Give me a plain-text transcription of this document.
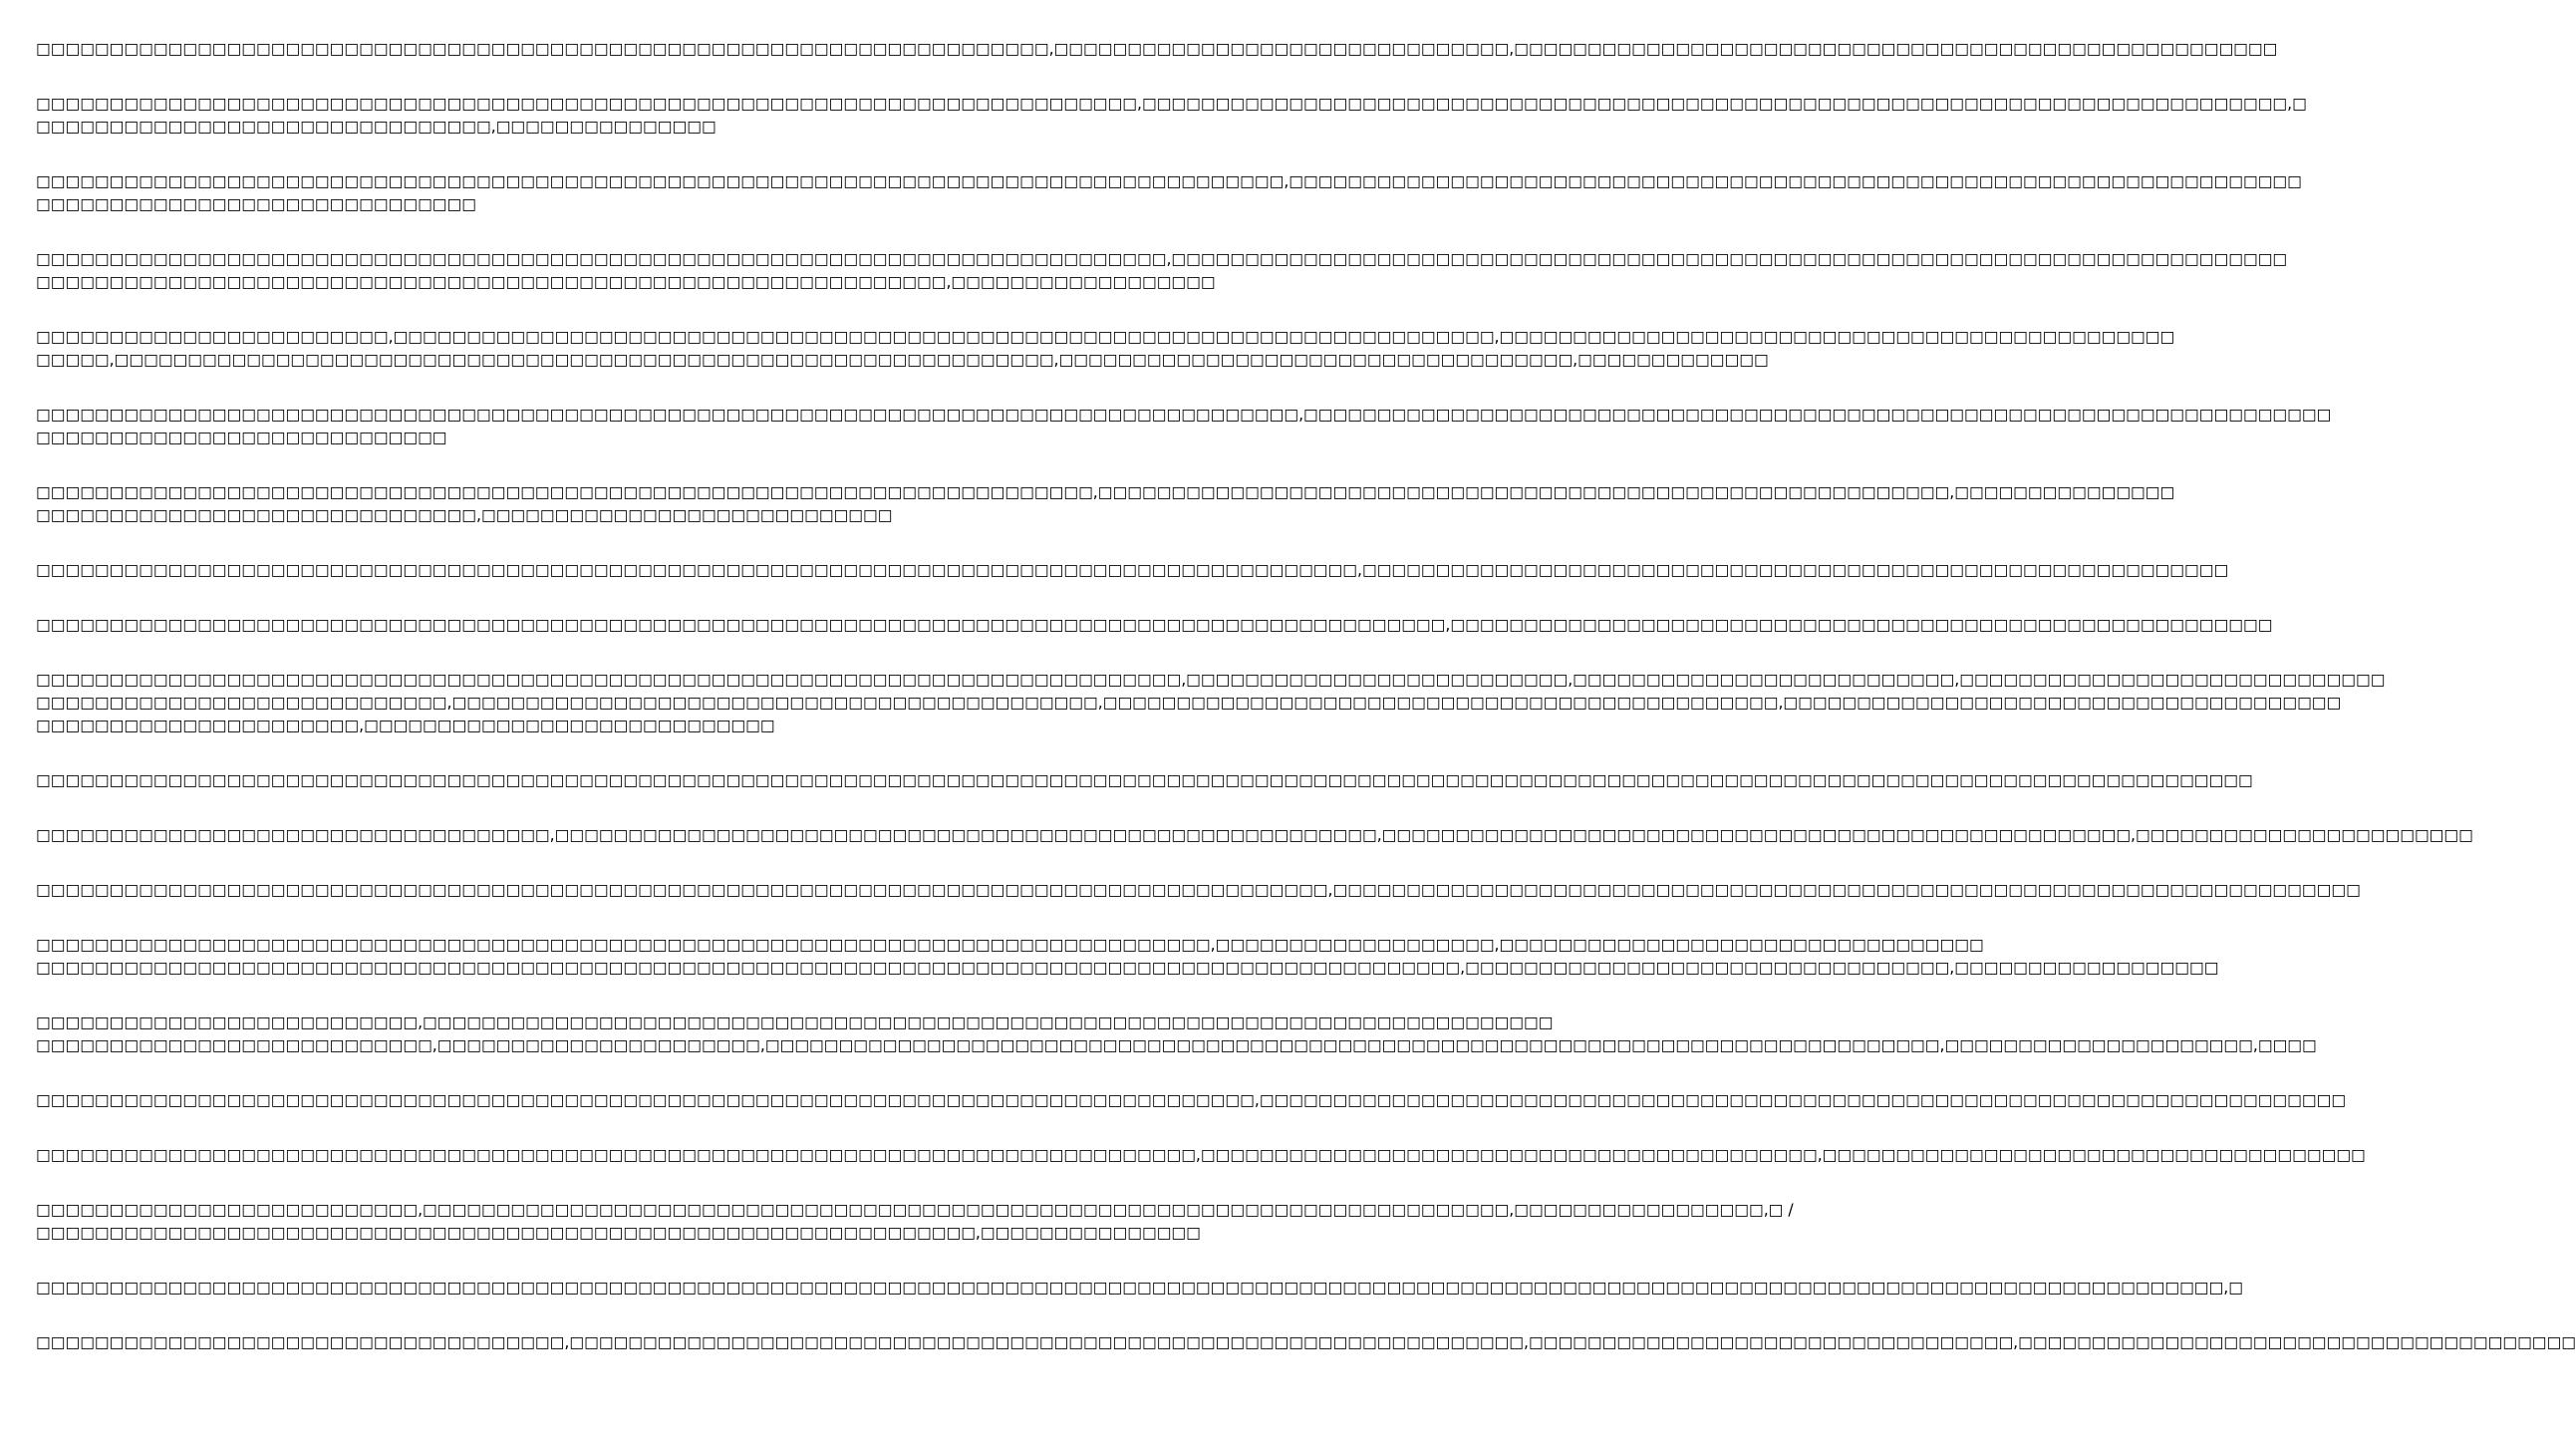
□□□□□□□□□□□□□□□□□□□□□□□□□□□□□□□□□□□□□□□□□□□□□□□□□□□□□□□□□□□□□□□□□□□□□,□□□□□□□□□□□□□□□□□□□□□□□□□□□□□□□,□□□□□□□□□□□□□□□□□□□□□□□□□□□□□□□□□□□□□□□□□□□□□□□□□□□□
□□□□□□□□□□□□□□□□□□□□□□□□□□□□□□□□□□□□□□□□□□□□□□□□□□□□□□□□□□□□□□□□□□□□□□□□□□□,□□□□□□□□□□□□□□□□□□□□□□□□□□□□□□□□□□□□□□□□□□□□□□□□□□□□□□□□□□□□□□□□□□□□□□□□□□□□□□,□
□□□□□□□□□□□□□□□□□□□□□□□□□□□□□□□,□□□□□□□□□□□□□□□
□□□□□□□□□□□□□□□□□□□□□□□□□□□□□□□□□□□□□□□□□□□□□□□□□□□□□□□□□□□□□□□□□□□□□□□□□□□□□□□□□□□□□,□□□□□□□□□□□□□□□□□□□□□□□□□□□□□□□□□□□□□□□□□□□□□□□□□□□□□□□□□□□□□□□□□□□□□
□□□□□□□□□□□□□□□□□□□□□□□□□□□□□□
□□□□□□□□□□□□□□□□□□□□□□□□□□□□□□□□□□□□□□□□□□□□□□□□□□□□□□□□□□□□□□□□□□□□□□□□□□□□□,□□□□□□□□□□□□□□□□□□□□□□□□□□□□□□□□□□□□□□□□□□□□□□□□□□□□□□□□□□□□□□□□□□□□□□□□□□□□
□□□□□□□□□□□□□□□□□□□□□□□□□□□□□□□□□□□□□□□□□□□□□□□□□□□□□□□□□□□□□□,□□□□□□□□□□□□□□□□□□
□□□□□□□□□□□□□□□□□□□□□□□□,□□□□□□□□□□□□□□□□□□□□□□□□□□□□□□□□□□□□□□□□□□□□□□□□□□□□□□□□□□□□□□□□□□□□□□□□□□□,□□□□□□□□□□□□□□□□□□□□□□□□□□□□□□□□□□□□□□□□□□□□□□
□□□□□,□□□□□□□□□□□□□□□□□□□□□□□□□□□□□□□□□□□□□□□□□□□□□□□□□□□□□□□□□□□□□□□□,□□□□□□□□□□□□□□□□□□□□□□□□□□□□□□□□□□□,□□□□□□□□□□□□□
□□□□□□□□□□□□□□□□□□□□□□□□□□□□□□□□□□□□□□□□□□□□□□□□□□□□□□□□□□□□□□□□□□□□□□□□□□□□□□□□□□□□□□,□□□□□□□□□□□□□□□□□□□□□□□□□□□□□□□□□□□□□□□□□□□□□□□□□□□□□□□□□□□□□□□□□□□□□□
□□□□□□□□□□□□□□□□□□□□□□□□□□□□
□□□□□□□□□□□□□□□□□□□□□□□□□□□□□□□□□□□□□□□□□□□□□□□□□□□□□□□□□□□□□□□□□□□□□□□□,□□□□□□□□□□□□□□□□□□□□□□□□□□□□□□□□□□□□□□□□□□□□□□□□□□□□□□□□□□,□□□□□□□□□□□□□□□
□□□□□□□□□□□□□□□□□□□□□□□□□□□□□□,□□□□□□□□□□□□□□□□□□□□□□□□□□□□
□□□□□□□□□□□□□□□□□□□□□□□□□□□□□□□□□□□□□□□□□□□□□□□□□□□□□□□□□□□□□□□□□□□□□□□□□□□□□□□□□□□□□□□□□□,□□□□□□□□□□□□□□□□□□□□□□□□□□□□□□□□□□□□□□□□□□□□□□□□□□□□□□□□□□□
□□□□□□□□□□□□□□□□□□□□□□□□□□□□□□□□□□□□□□□□□□□□□□□□□□□□□□□□□□□□□□□□□□□□□□□□□□□□□□□□□□□□□□□□□□□□□□□□,□□□□□□□□□□□□□□□□□□□□□□□□□□□□□□□□□□□□□□□□□□□□□□□□□□□□□□□□
□□□□□□□□□□□□□□□□□□□□□□□□□□□□□□□□□□□□□□□□□□□□□□□□□□□□□□□□□□□□□□□□□□□□□□□□□□□□□□,□□□□□□□□□□□□□□□□□□□□□□□□□□,□□□□□□□□□□□□□□□□□□□□□□□□□□,□□□□□□□□□□□□□□□□□□□□□□□□□□□□□
□□□□□□□□□□□□□□□□□□□□□□□□□□□□,□□□□□□□□□□□□□□□□□□□□□□□□□□□□□□□□□□□□□□□□□□□□,□□□□□□□□□□□□□□□□□□□□□□□□□□□□□□□□□□□□□□□□□□□□□□,□□□□□□□□□□□□□□□□□□□□□□□□□□□□□□□□□□□□□□
□□□□□□□□□□□□□□□□□□□□□□,□□□□□□□□□□□□□□□□□□□□□□□□□□□□
□□□□□□□□□□□□□□□□□□□□□□□□□□□□□□□□□□□□□□□□□□□□□□□□□□□□□□□□□□□□□□□□□□□□□□□□□□□□□□□□□□□□□□□□□□□□□□□□□□□□□□□□□□□□□□□□□□□□□□□□□□□□□□□□□□□□□□□□□□□□□□□□□□□□□□□
□□□□□□□□□□□□□□□□□□□□□□□□□□□□□□□□□□□,□□□□□□□□□□□□□□□□□□□□□□□□□□□□□□□□□□□□□□□□□□□□□□□□□□□□□□□□,□□□□□□□□□□□□□□□□□□□□□□□□□□□□□□□□□□□□□□□□□□□□□□□□□□□,□□□□□□□□□□□□□□□□□□□□□□□
□□□□□□□□□□□□□□□□□□□□□□□□□□□□□□□□□□□□□□□□□□□□□□□□□□□□□□□□□□□□□□□□□□□□□□□□□□□□□□□□□□□□□□□□,□□□□□□□□□□□□□□□□□□□□□□□□□□□□□□□□□□□□□□□□□□□□□□□□□□□□□□□□□□□□□□□□□□□□□□
□□□□□□□□□□□□□□□□□□□□□□□□□□□□□□□□□□□□□□□□□□□□□□□□□□□□□□□□□□□□□□□□□□□□□□□□□□□□□□□□,□□□□□□□□□□□□□□□□□□□,□□□□□□□□□□□□□□□□□□□□□□□□□□□□□□□□□
□□□□□□□□□□□□□□□□□□□□□□□□□□□□□□□□□□□□□□□□□□□□□□□□□□□□□□□□□□□□□□□□□□□□□□□□□□□□□□□□□□□□□□□□□□□□□□□□□,□□□□□□□□□□□□□□□□□□□□□□□□□□□□□□□□□,□□□□□□□□□□□□□□□□□□
□□□□□□□□□□□□□□□□□□□□□□□□□□,□□□□□□□□□□□□□□□□□□□□□□□□□□□□□□□□□□□□□□□□□□□□□□□□□□□□□□□□□□□□□□□□□□□□□□□□□□□□□
□□□□□□□□□□□□□□□□□□□□□□□□□□□,□□□□□□□□□□□□□□□□□□□□□□,□□□□□□□□□□□□□□□□□□□□□□□□□□□□□□□□□□□□□□□□□□□□□□□□□□□□□□□□□□□□□□□□□□□□□□□□□□□□□□□□,□□□□□□□□□□□□□□□□□□□□□,□□□□
□□□□□□□□□□□□□□□□□□□□□□□□□□□□□□□□□□□□□□□□□□□□□□□□□□□□□□□□□□□□□□□□□□□□□□□□□□□□□□□□□□□,□□□□□□□□□□□□□□□□□□□□□□□□□□□□□□□□□□□□□□□□□□□□□□□□□□□□□□□□□□□□□□□□□□□□□□□□□□
□□□□□□□□□□□□□□□□□□□□□□□□□□□□□□□□□□□□□□□□□□□□□□□□□□□□□□□□□□□□□□□□□□□□□□□□□□□□□□□,□□□□□□□□□□□□□□□□□□□□□□□□□□□□□□□□□□□□□□□□□□,□□□□□□□□□□□□□□□□□□□□□□□□□□□□□□□□□□□□□
□□□□□□□□□□□□□□□□□□□□□□□□□□,□□□□□□□□□□□□□□□□□□□□□□□□□□□□□□□□□□□□□□□□□□□□□□□□□□□□□□□□□□□□□□□□□□□□□□□□□□,□□□□□□□□□□□□□□□□□,□ /
□□□□□□□□□□□□□□□□□□□□□□□□□□□□□□□□□□□□□□□□□□□□□□□□□□□□□□□□□□□□□□□□,□□□□□□□□□□□□□□□
□□□□□□□□□□□□□□□□□□□□□□□□□□□□□□□□□□□□□□□□□□□□□□□□□□□□□□□□□□□□□□□□□□□□□□□□□□□□□□□□□□□□□□□□□□□□□□□□□□□□□□□□□□□□□□□□□□□□□□□□□□□□□□□□□□□□□□□□□□□□□□□□□□□□□,□
□□□□□□□□□□□□□□□□□□□□□□□□□□□□□□□□□□□□,□□□□□□□□□□□□□□□□□□□□□□□□□□□□□□□□□□□□□□□□□□□□□□□□□□□□□□□□□□□□□□□□□,□□□□□□□□□□□□□□□□□□□□□□□□□□□□□□□□□,□□□□□□□□□□□□□□□□□□□□□□□□□□□□□□□□□□□□□□
